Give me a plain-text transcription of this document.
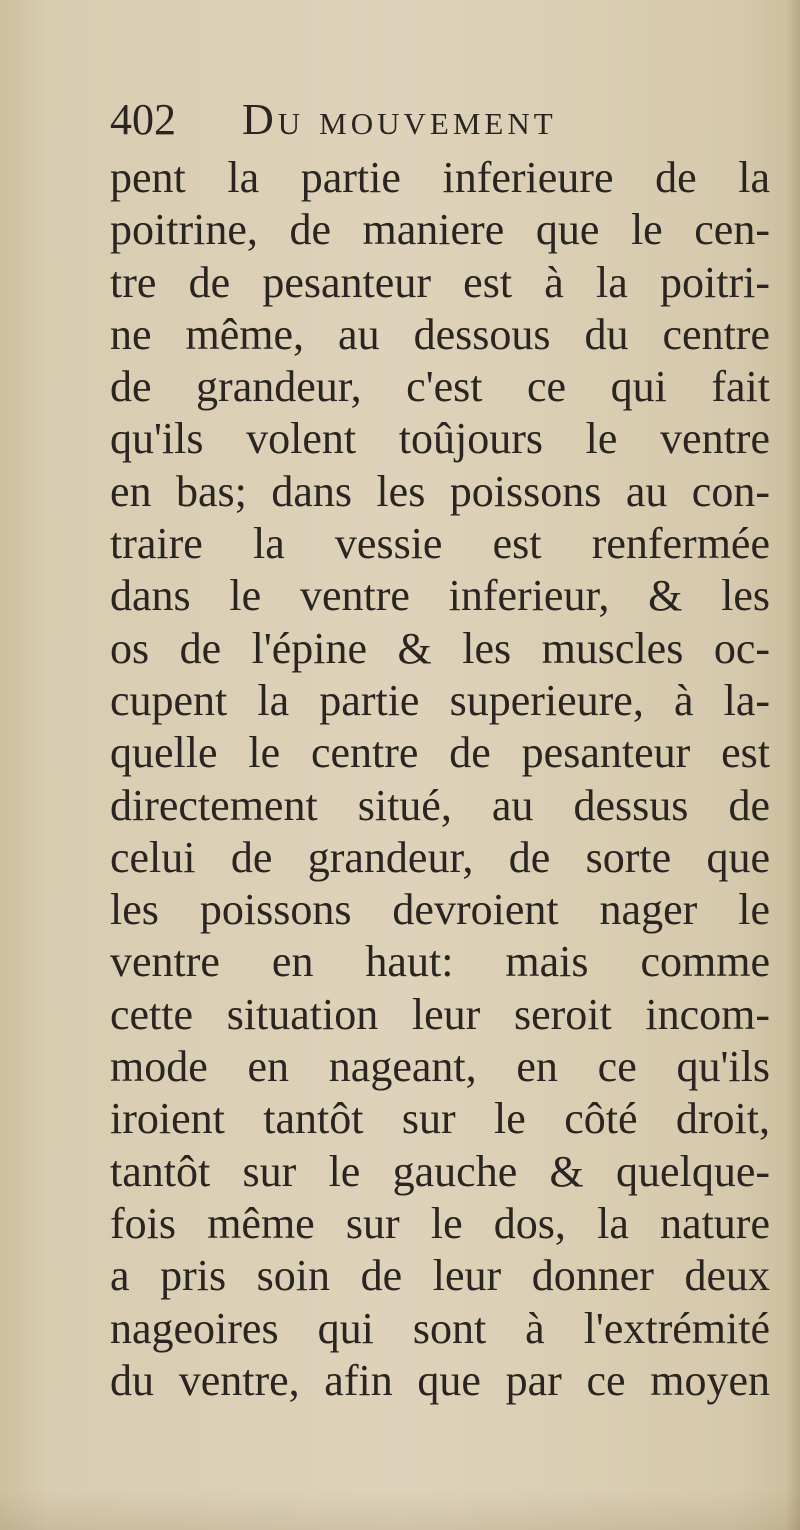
402 Du mouvement
pent la partie inferieure de la
poitrine, de maniere que le cen-
tre de pesanteur est à la poitri-
ne même, au dessous du centre
de grandeur, c'est ce qui fait
qu'ils volent toûjours le ventre
en bas; dans les poissons au con-
traire la vessie est renfermée
dans le ventre inferieur, & les
os de l'épine & les muscles oc-
cupent la partie superieure, à la-
quelle le centre de pesanteur est
directement situé, au dessus de
celui de grandeur, de sorte que
les poissons devroient nager le
ventre en haut: mais comme
cette situation leur seroit incom-
mode en nageant, en ce qu'ils
iroient tantôt sur le côté droit,
tantôt sur le gauche & quelque-
fois même sur le dos, la nature
a pris soin de leur donner deux
nageoires qui sont à l'extrémité
du ventre, afin que par ce moyen
